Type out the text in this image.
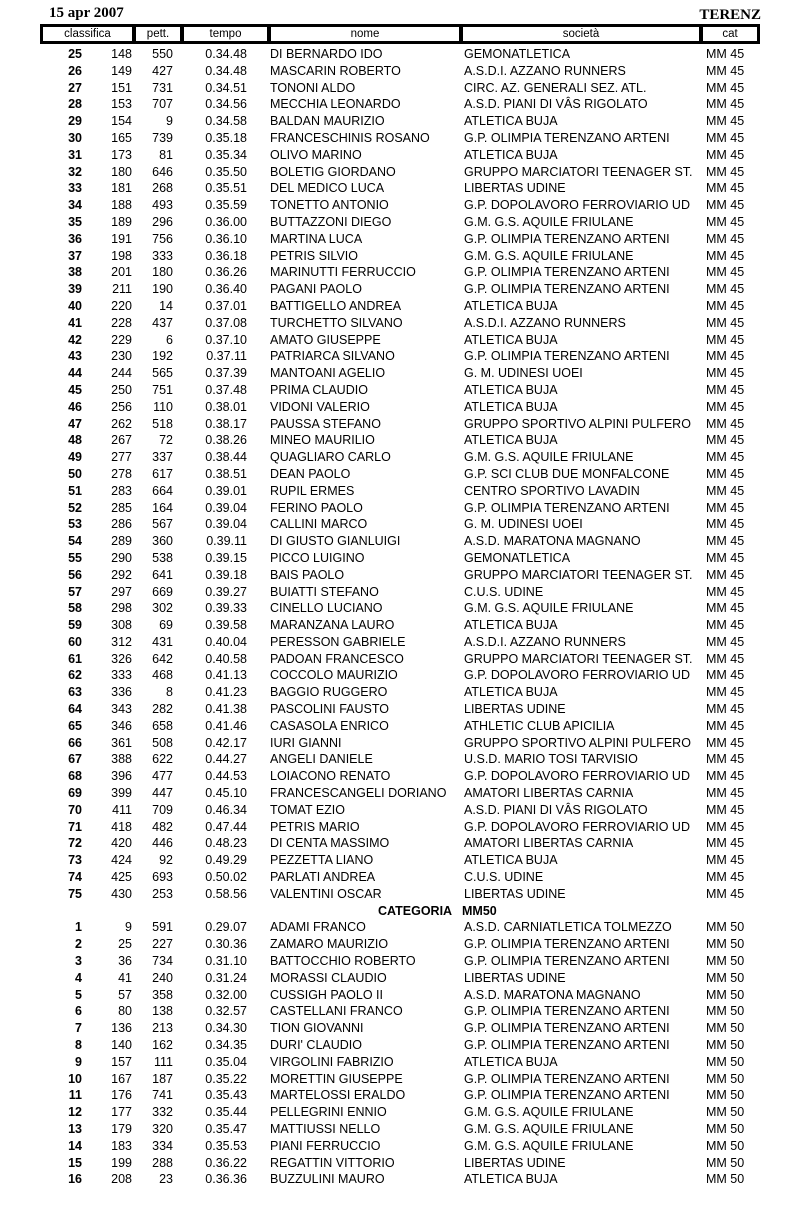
15 apr 2007	TERENZ
classifica	pett.	tempo	nome	società	cat
25	148	550	0.34.48 DI BERNARDO IDO	GEMONATLETICA	MM 45
26	149	427	0.34.48 MASCARIN ROBERTO	A.S.D.I. AZZANO RUNNERS	MM 45
27	151	731	0.34.51 TONONI ALDO	CIRC. AZ. GENERALI SEZ. ATL.	MM 45
28	153	707	0.34.56 MECCHIA LEONARDO	A.S.D. PIANI DI VÂS RIGOLATO	MM 45
29	154	9	0.34.58 BALDAN MAURIZIO	ATLETICA BUJA	MM 45
30	165	739	0.35.18 FRANCESCHINIS ROSANO	G.P. OLIMPIA TERENZANO ARTENI	MM 45
31	173	81	0.35.34 OLIVO MARINO	ATLETICA BUJA	MM 45
32	180	646	0.35.50 BOLETIG GIORDANO	GRUPPO MARCIATORI TEENAGER ST.	MM 45
33	181	268	0.35.51 DEL MEDICO LUCA	LIBERTAS UDINE	MM 45
34	188	493	0.35.59 TONETTO ANTONIO	G.P. DOPOLAVORO FERROVIARIO UD	MM 45
35	189	296	0.36.00 BUTTAZZONI DIEGO	G.M. G.S. AQUILE FRIULANE	MM 45
36	191	756	0.36.10 MARTINA LUCA	G.P. OLIMPIA TERENZANO ARTENI	MM 45
37	198	333	0.36.18 PETRIS SILVIO	G.M. G.S. AQUILE FRIULANE	MM 45
38	201	180	0.36.26 MARINUTTI FERRUCCIO	G.P. OLIMPIA TERENZANO ARTENI	MM 45
39	211	190	0.36.40 PAGANI PAOLO	G.P. OLIMPIA TERENZANO ARTENI	MM 45
40	220	14	0.37.01 BATTIGELLO ANDREA	ATLETICA BUJA	MM 45
41	228	437	0.37.08 TURCHETTO SILVANO	A.S.D.I. AZZANO RUNNERS	MM 45
42	229	6	0.37.10 AMATO GIUSEPPE	ATLETICA BUJA	MM 45
43	230	192	0.37.11 PATRIARCA SILVANO	G.P. OLIMPIA TERENZANO ARTENI	MM 45
44	244	565	0.37.39 MANTOANI AGELIO	G. M. UDINESI UOEI	MM 45
45	250	751	0.37.48 PRIMA CLAUDIO	ATLETICA BUJA	MM 45
46	256	110	0.38.01 VIDONI VALERIO	ATLETICA BUJA	MM 45
47	262	518	0.38.17 PAUSSA STEFANO	GRUPPO SPORTIVO ALPINI PULFERO	MM 45
48	267	72	0.38.26 MINEO MAURILIO	ATLETICA BUJA	MM 45
49	277	337	0.38.44 QUAGLIARO CARLO	G.M. G.S. AQUILE FRIULANE	MM 45
50	278	617	0.38.51 DEAN PAOLO	G.P. SCI CLUB DUE MONFALCONE	MM 45
51	283	664	0.39.01 RUPIL ERMES	CENTRO SPORTIVO LAVADIN	MM 45
52	285	164	0.39.04 FERINO PAOLO	G.P. OLIMPIA TERENZANO ARTENI	MM 45
53	286	567	0.39.04 CALLINI MARCO	G. M. UDINESI UOEI	MM 45
54	289	360	0.39.11 DI GIUSTO GIANLUIGI	A.S.D. MARATONA MAGNANO	MM 45
55	290	538	0.39.15 PICCO LUIGINO	GEMONATLETICA	MM 45
56	292	641	0.39.18 BAIS PAOLO	GRUPPO MARCIATORI TEENAGER ST.	MM 45
57	297	669	0.39.27 BUIATTI STEFANO	C.U.S. UDINE	MM 45
58	298	302	0.39.33 CINELLO LUCIANO	G.M. G.S. AQUILE FRIULANE	MM 45
59	308	69	0.39.58 MARANZANA LAURO	ATLETICA BUJA	MM 45
60	312	431	0.40.04 PERESSON GABRIELE	A.S.D.I. AZZANO RUNNERS	MM 45
61	326	642	0.40.58 PADOAN FRANCESCO	GRUPPO MARCIATORI TEENAGER ST.	MM 45
62	333	468	0.41.13 COCCOLO MAURIZIO	G.P. DOPOLAVORO FERROVIARIO UD	MM 45
63	336	8	0.41.23 BAGGIO RUGGERO	ATLETICA BUJA	MM 45
64	343	282	0.41.38 PASCOLINI FAUSTO	LIBERTAS UDINE	MM 45
65	346	658	0.41.46 CASASOLA ENRICO	ATHLETIC CLUB APICILIA	MM 45
66	361	508	0.42.17 IURI GIANNI	GRUPPO SPORTIVO ALPINI PULFERO	MM 45
67	388	622	0.44.27 ANGELI DANIELE	U.S.D. MARIO TOSI TARVISIO	MM 45
68	396	477	0.44.53 LOIACONO RENATO	G.P. DOPOLAVORO FERROVIARIO UD	MM 45
69	399	447	0.45.10 FRANCESCANGELI DORIANO	AMATORI LIBERTAS CARNIA	MM 45
70	411	709	0.46.34 TOMAT EZIO	A.S.D. PIANI DI VÂS RIGOLATO	MM 45
71	418	482	0.47.44 PETRIS MARIO	G.P. DOPOLAVORO FERROVIARIO UD	MM 45
72	420	446	0.48.23 DI CENTA MASSIMO	AMATORI LIBERTAS CARNIA	MM 45
73	424	92	0.49.29 PEZZETTA LIANO	ATLETICA BUJA	MM 45
74	425	693	0.50.02 PARLATI ANDREA	C.U.S. UDINE	MM 45
75	430	253	0.58.56 VALENTINI OSCAR	LIBERTAS UDINE	MM 45
CATEGORIA MM50
1	9	591	0.29.07 ADAMI FRANCO	A.S.D. CARNIATLETICA TOLMEZZO	MM 50
2	25	227	0.30.36 ZAMARO MAURIZIO	G.P. OLIMPIA TERENZANO ARTENI	MM 50
3	36	734	0.31.10 BATTOCCHIO ROBERTO	G.P. OLIMPIA TERENZANO ARTENI	MM 50
4	41	240	0.31.24 MORASSI CLAUDIO	LIBERTAS UDINE	MM 50
5	57	358	0.32.00 CUSSIGH PAOLO II	A.S.D. MARATONA MAGNANO	MM 50
6	80	138	0.32.57 CASTELLANI FRANCO	G.P. OLIMPIA TERENZANO ARTENI	MM 50
7	136	213	0.34.30 TION GIOVANNI	G.P. OLIMPIA TERENZANO ARTENI	MM 50
8	140	162	0.34.35 DURI' CLAUDIO	G.P. OLIMPIA TERENZANO ARTENI	MM 50
9	157	111	0.35.04 VIRGOLINI FABRIZIO	ATLETICA BUJA	MM 50
10	167	187	0.35.22 MORETTIN GIUSEPPE	G.P. OLIMPIA TERENZANO ARTENI	MM 50
11	176	741	0.35.43 MARTELOSSI ERALDO	G.P. OLIMPIA TERENZANO ARTENI	MM 50
12	177	332	0.35.44 PELLEGRINI ENNIO	G.M. G.S. AQUILE FRIULANE	MM 50
13	179	320	0.35.47 MATTIUSSI NELLO	G.M. G.S. AQUILE FRIULANE	MM 50
14	183	334	0.35.53 PIANI FERRUCCIO	G.M. G.S. AQUILE FRIULANE	MM 50
15	199	288	0.36.22 REGATTIN VITTORIO	LIBERTAS UDINE	MM 50
16	208	23	0.36.36 BUZZULINI MAURO	ATLETICA BUJA	MM 50
